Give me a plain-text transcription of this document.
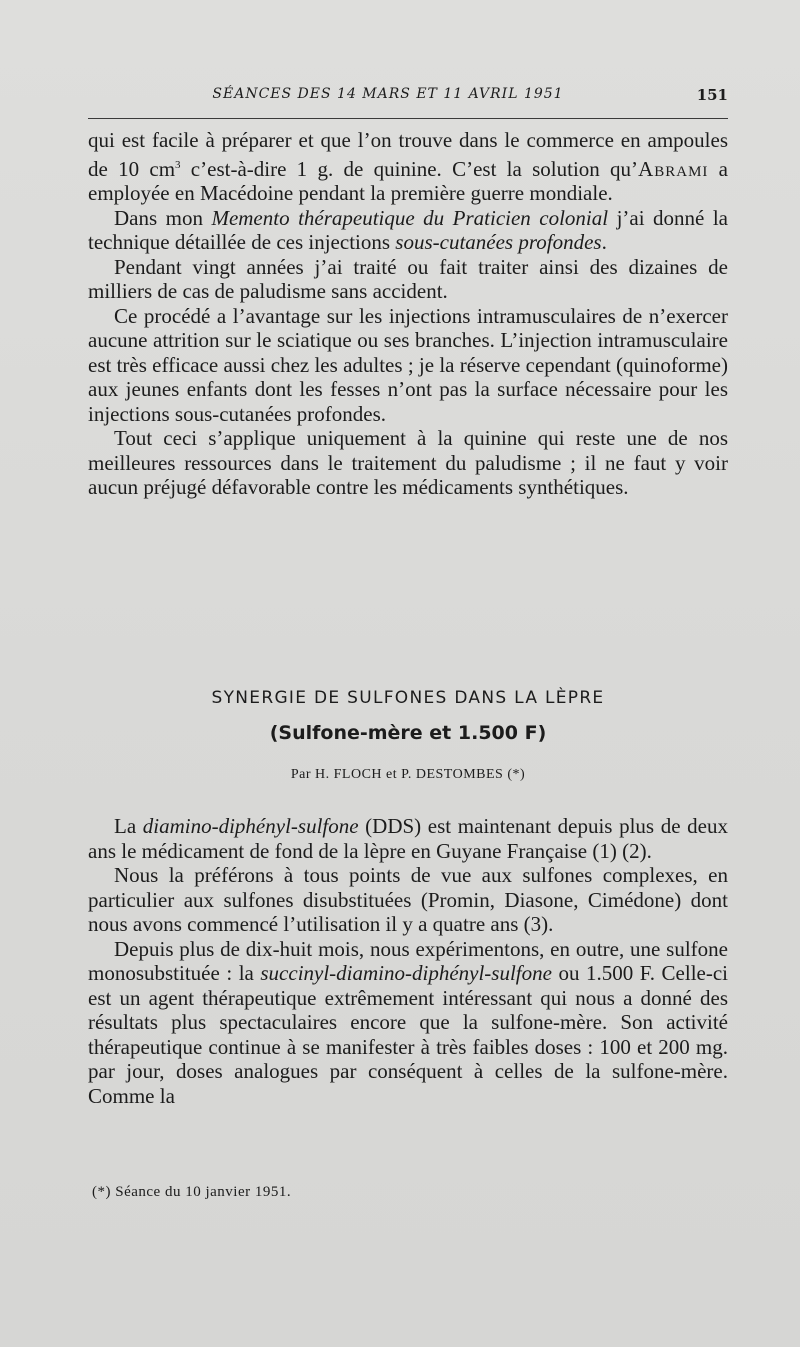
SÉANCES DES 14 MARS ET 11 AVRIL 1951	151

qui est facile à préparer et que l’on trouve dans le commerce en ampoules de 10 $cm^3$ c’est-à-dire 1 g. de quinine. C’est la solution qu’Abrami a employée en Macédoine pendant la première guerre mondiale.

Dans mon Memento thérapeutique du Praticien colonial j’ai donné la technique détaillée de ces injections sous-cutanées profondes.

Pendant vingt années j’ai traité ou fait traiter ainsi des dizaines de milliers de cas de paludisme sans accident.

Ce procédé a l’avantage sur les injections intramusculaires de n’exercer aucune attrition sur le sciatique ou ses branches. L’injection intramusculaire est très efficace aussi chez les adultes ; je la réserve cependant (quinoforme) aux jeunes enfants dont les fesses n’ont pas la surface nécessaire pour les injections sous-cutanées profondes.

Tout ceci s’applique uniquement à la quinine qui reste une de nos meilleures ressources dans le traitement du paludisme ; il ne faut y voir aucun préjugé défavorable contre les médicaments synthétiques.

SYNERGIE DE SULFONES DANS LA LÈPRE
(Sulfone-mère et 1.500 F)
Par H. FLOCH et P. DESTOMBES (*)

La diamino-diphényl-sulfone (DDS) est maintenant depuis plus de deux ans le médicament de fond de la lèpre en Guyane Française (1) (2).

Nous la préférons à tous points de vue aux sulfones complexes, en particulier aux sulfones disubstituées (Promin, Diasone, Cimédone) dont nous avons commencé l’utilisation il y a quatre ans (3).

Depuis plus de dix-huit mois, nous expérimentons, en outre, une sulfone monosubstituée : la succinyl-diamino-diphényl-sulfone ou 1.500 F. Celle-ci est un agent thérapeutique extrêmement intéressant qui nous a donné des résultats plus spectaculaires encore que la sulfone-mère. Son activité thérapeutique continue à se manifester à très faibles doses : 100 et 200 mg. par jour, doses analogues par conséquent à celles de la sulfone-mère. Comme la

(*) Séance du 10 janvier 1951.
